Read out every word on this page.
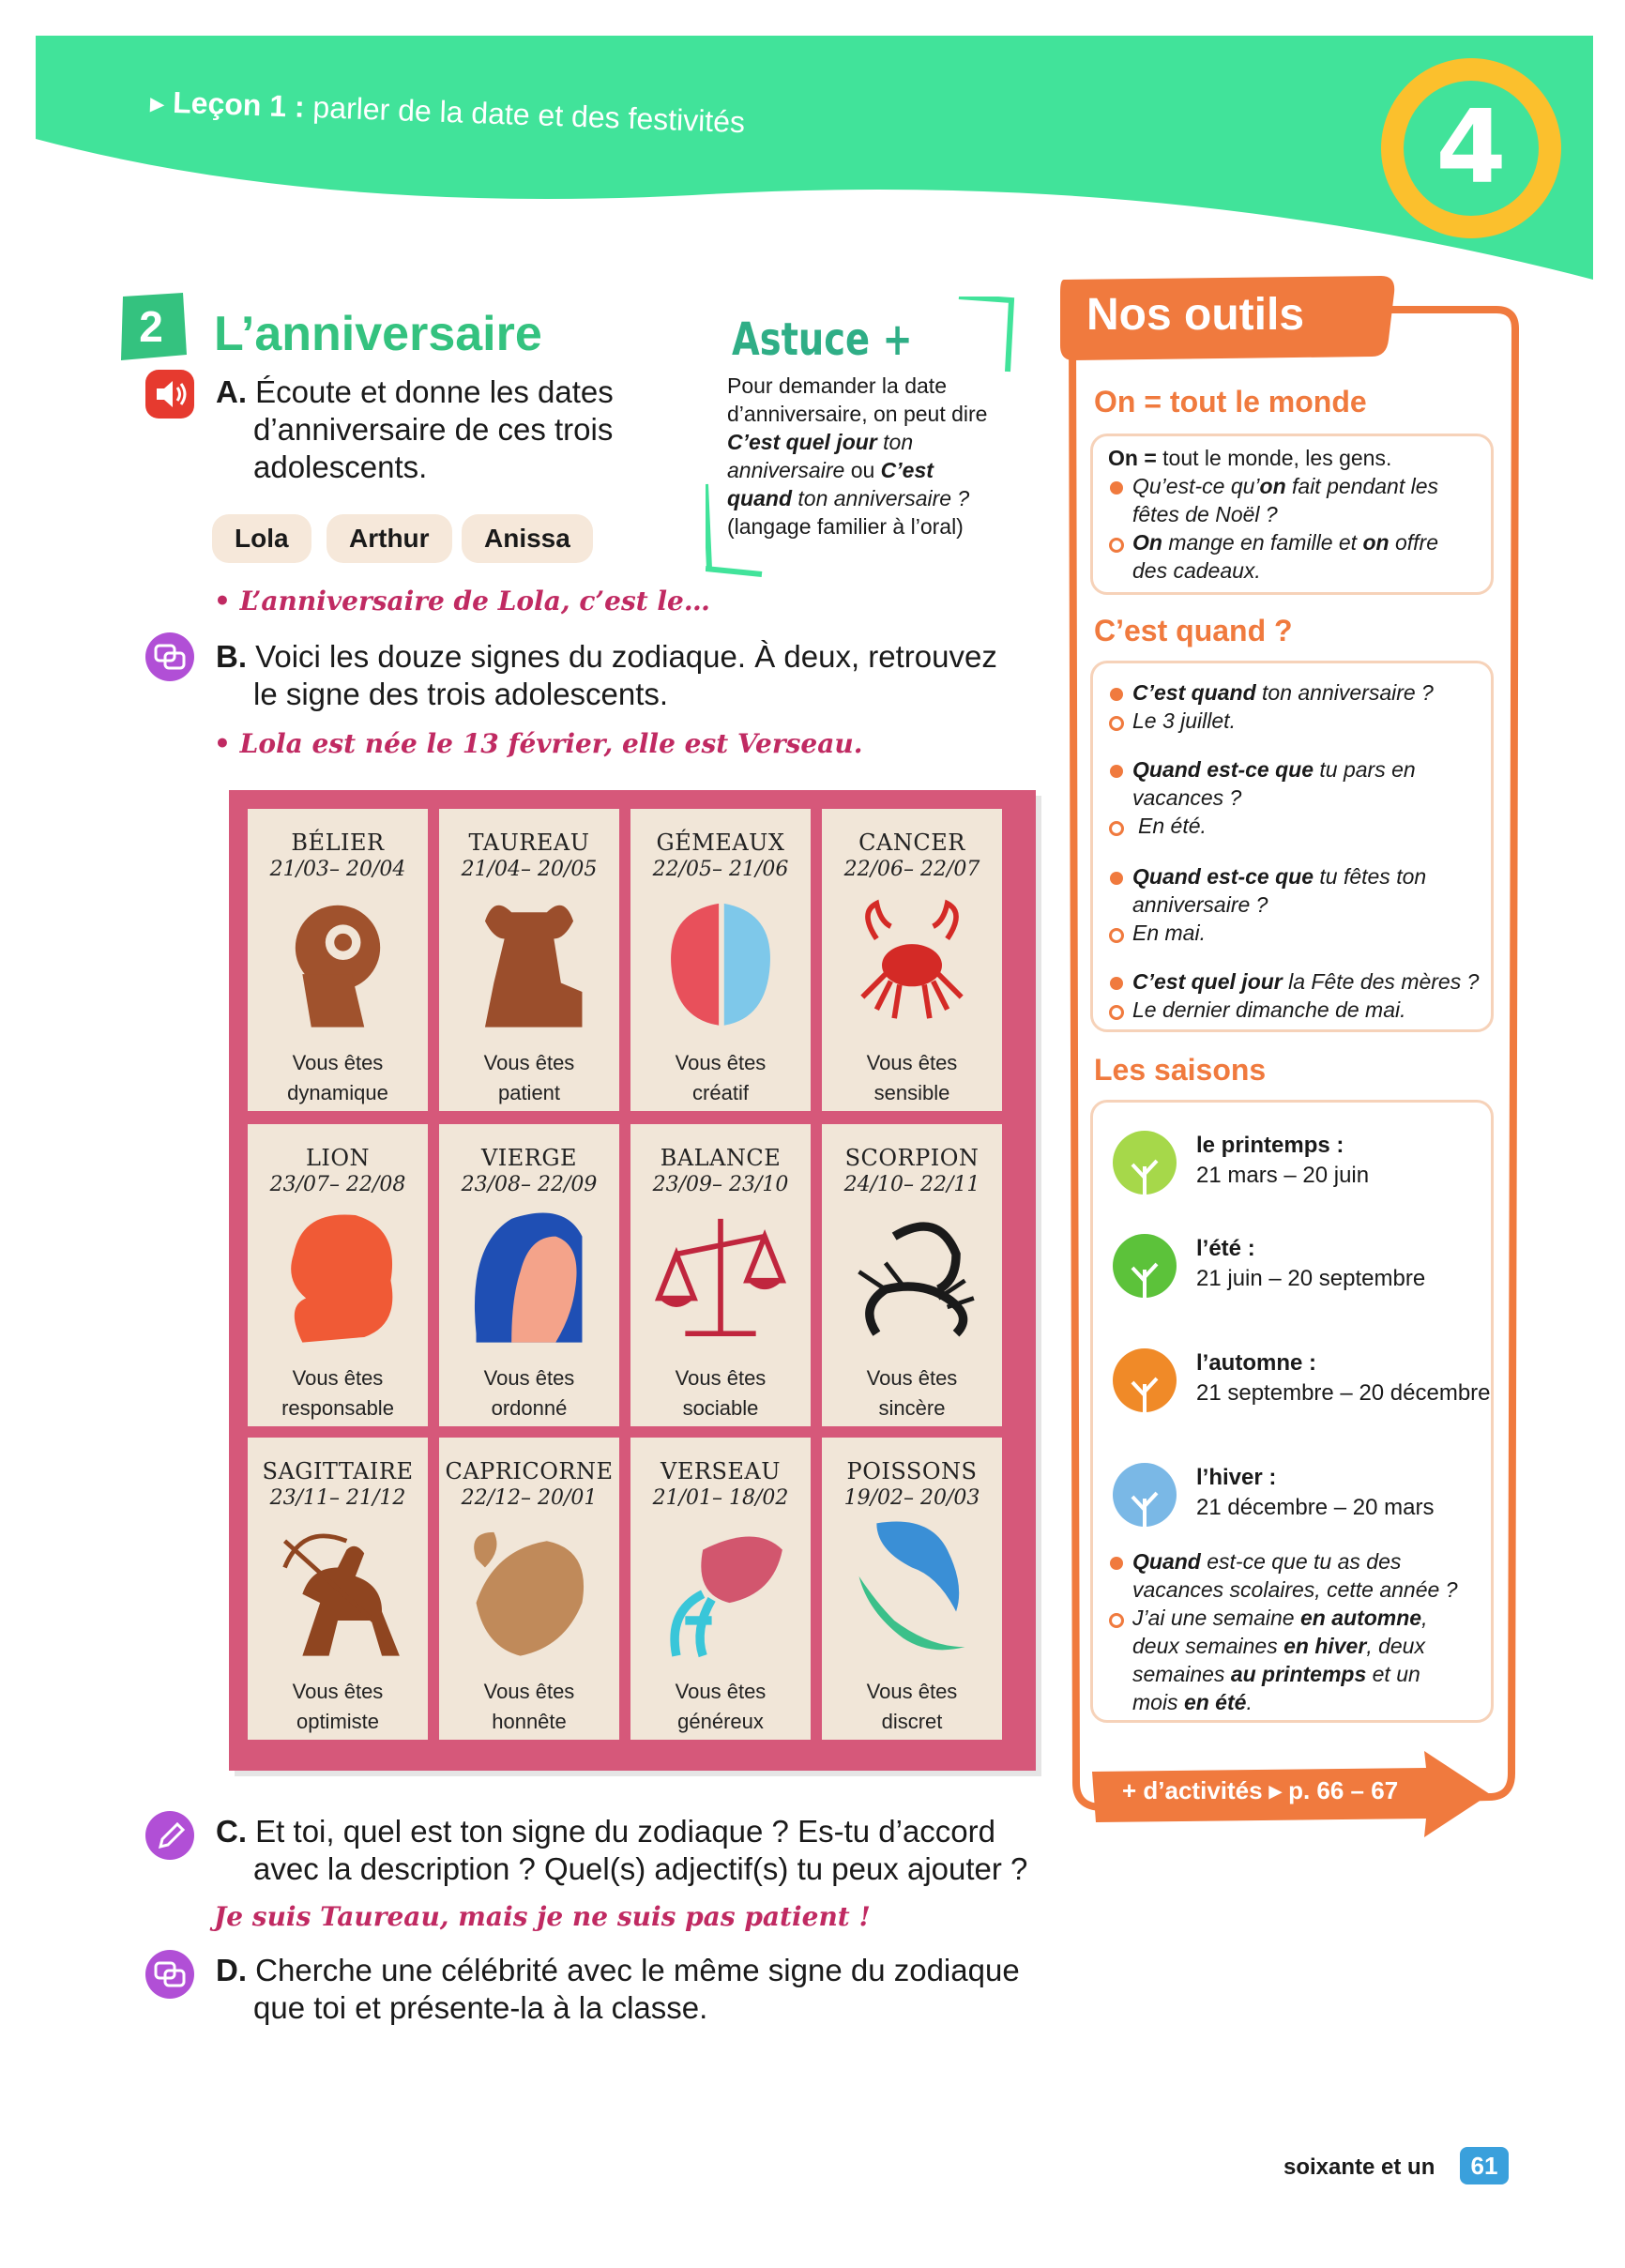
▶ Leçon 1 : parler de la date et des festivités	4
2	L’anniversaire
A. Écoute et donne les dates
d’anniversaire de ces trois
adolescents.
Lola	Arthur	Anissa
• L’anniversaire de Lola, c’est le…
Astuce +
Pour demander la date d’anniversaire, on peut dire C’est quel jour ton anniversaire ou C’est quand ton anniversaire ? (langage familier à l’oral)
B. Voici les douze signes du zodiaque. À deux, retrouvez
le signe des trois adolescents.
• Lola est née le 13 février, elle est Verseau.
BÉLIER
21/03– 20/04
Vous êtes
dynamique
TAUREAU
21/04– 20/05
Vous êtes
patient
GÉMEAUX
22/05– 21/06
Vous êtes
créatif
CANCER
22/06– 22/07
Vous êtes
sensible
LION
23/07– 22/08
Vous êtes
responsable
VIERGE
23/08– 22/09
Vous êtes
ordonné
BALANCE
23/09– 23/10
Vous êtes
sociable
SCORPION
24/10– 22/11
Vous êtes
sincère
SAGITTAIRE
23/11– 21/12
Vous êtes
optimiste
CAPRICORNE
22/12– 20/01
Vous êtes
honnête
VERSEAU
21/01– 18/02
Vous êtes
généreux
POISSONS
19/02– 20/03
Vous êtes
discret
C. Et toi, quel est ton signe du zodiaque ? Es-tu d’accord
avec la description ? Quel(s) adjectif(s) tu peux ajouter ?
Je suis Taureau, mais je ne suis pas patient !
D. Cherche une célébrité avec le même signe du zodiaque
que toi et présente-la à la classe.
Nos outils
On = tout le monde
On = tout le monde, les gens.
Qu’est-ce qu’on fait pendant les
fêtes de Noël ?
On mange en famille et on offre
des cadeaux.
C’est quand ?
C’est quand ton anniversaire ?
Le 3 juillet.
Quand est-ce que tu pars en
vacances ?
En été.
Quand est-ce que tu fêtes ton
anniversaire ?
En mai.
C’est quel jour la Fête des mères ?
Le dernier dimanche de mai.
Les saisons
le printemps :
21 mars – 20 juin
l’été :
21 juin – 20 septembre
l’automne :
21 septembre – 20 décembre
l’hiver :
21 décembre – 20 mars
Quand est-ce que tu as des
vacances scolaires, cette année ?
J’ai une semaine en automne,
deux semaines en hiver, deux
semaines au printemps et un
mois en été.
+ d’activités ▸ p. 66 – 67
soixante et un	61
